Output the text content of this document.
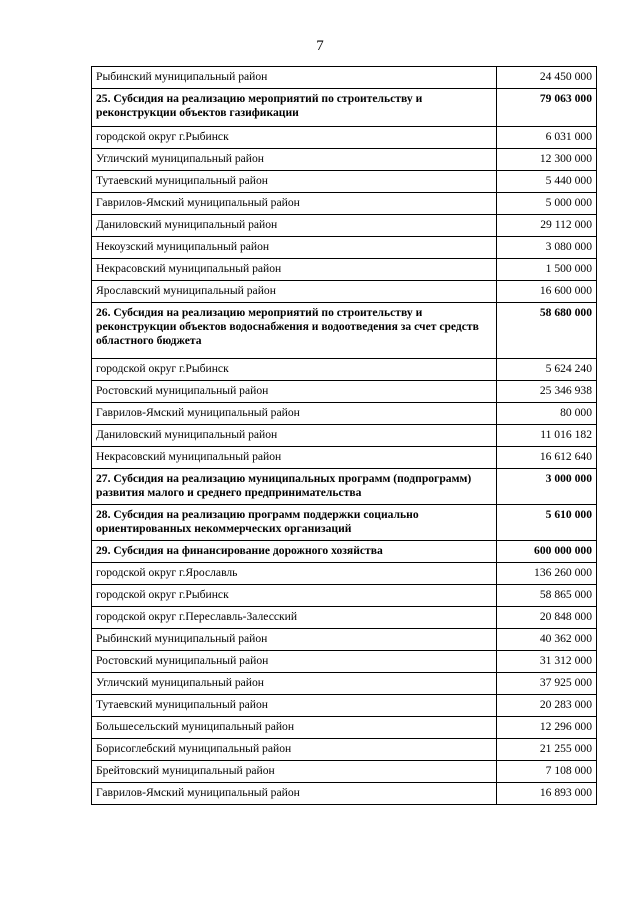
7
Рыбинский муниципальный район	24 450 000
25. Субсидия на реализацию мероприятий по строительству и реконструкции объектов газификации	79 063 000
городской округ г.Рыбинск	6 031 000
Угличский муниципальный район	12 300 000
Тутаевский муниципальный район	5 440 000
Гаврилов-Ямский муниципальный район	5 000 000
Даниловский муниципальный район	29 112 000
Некоузский муниципальный район	3 080 000
Некрасовский муниципальный район	1 500 000
Ярославский муниципальный район	16 600 000
26. Субсидия на реализацию мероприятий по строительству и реконструкции объектов водоснабжения и водоотведения за счет средств областного бюджета	58 680 000
городской округ г.Рыбинск	5 624 240
Ростовский муниципальный район	25 346 938
Гаврилов-Ямский муниципальный район	80 000
Даниловский муниципальный район	11 016 182
Некрасовский муниципальный район	16 612 640
27. Субсидия на реализацию муниципальных программ (подпрограмм) развития малого и среднего предпринимательства	3 000 000
28. Субсидия на реализацию программ поддержки социально ориентированных некоммерческих организаций	5 610 000
29. Субсидия на финансирование дорожного хозяйства	600 000 000
городской округ г.Ярославль	136 260 000
городской округ г.Рыбинск	58 865 000
городской округ г.Переславль-Залесский	20 848 000
Рыбинский муниципальный район	40 362 000
Ростовский муниципальный район	31 312 000
Угличский муниципальный район	37 925 000
Тутаевский муниципальный район	20 283 000
Большесельский муниципальный район	12 296 000
Борисоглебский муниципальный район	21 255 000
Брейтовский муниципальный район	7 108 000
Гаврилов-Ямский муниципальный район	16 893 000
